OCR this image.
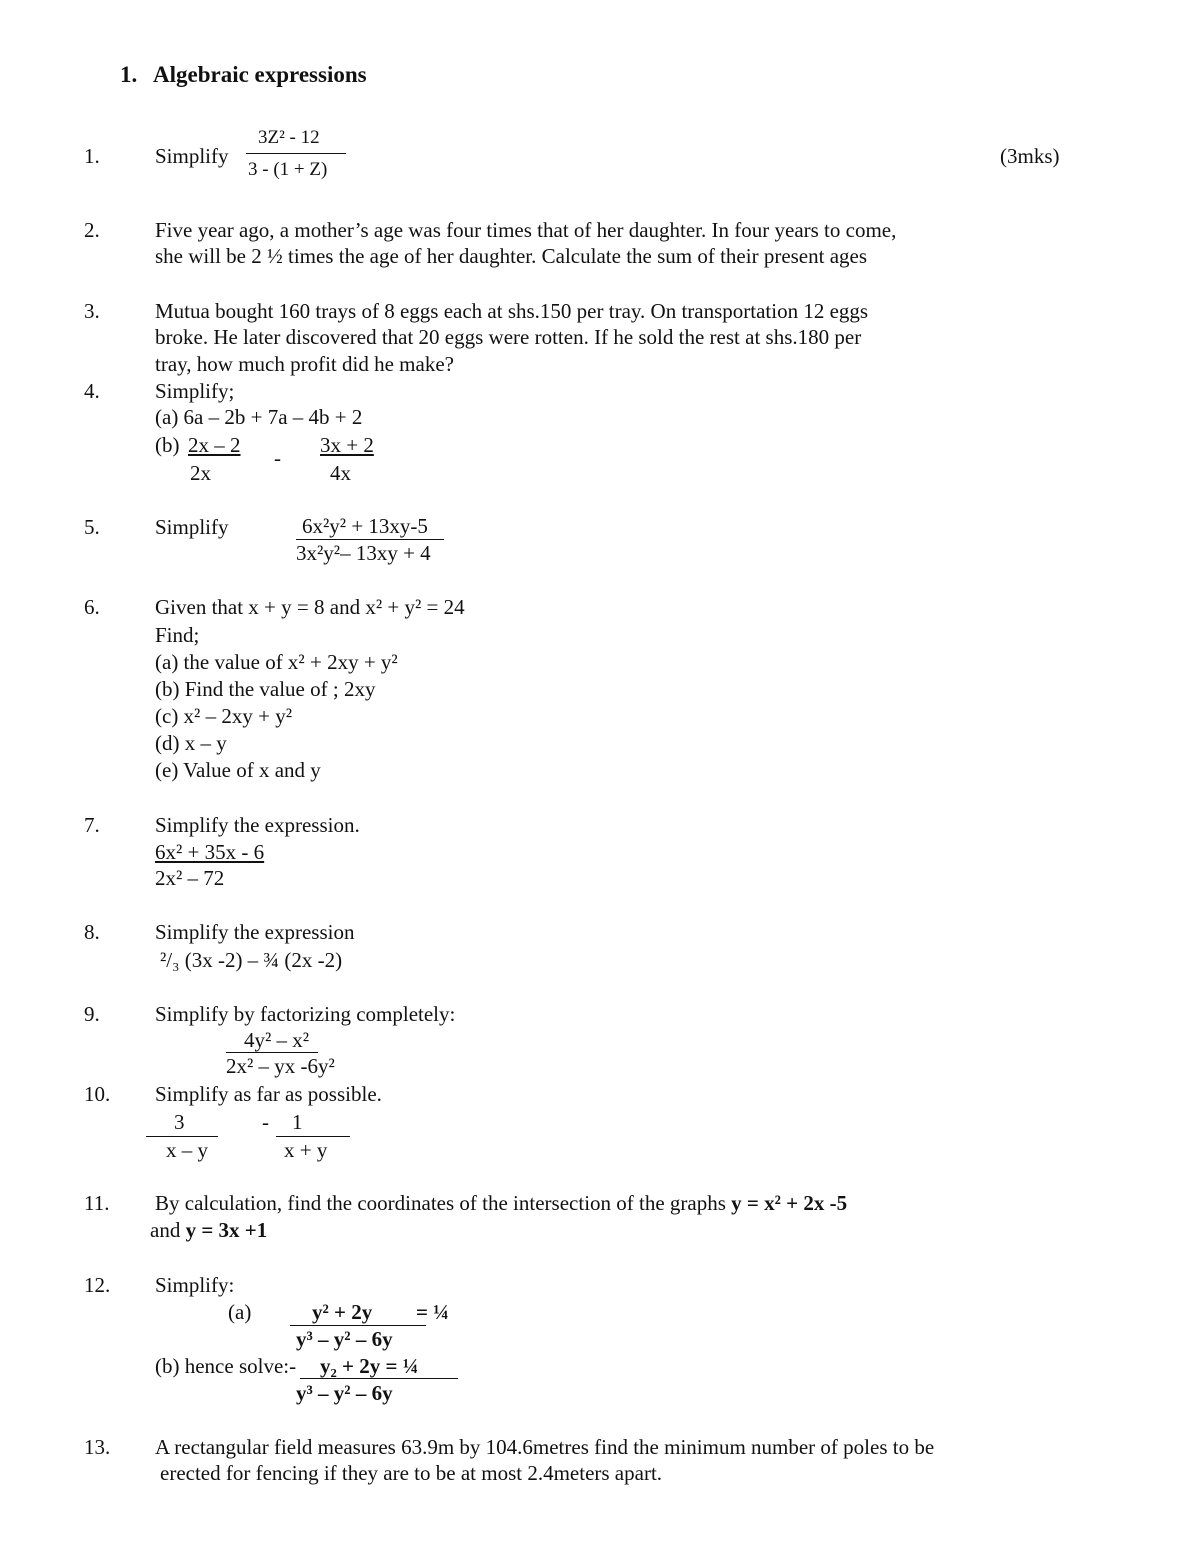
1. Algebraic expressions
1.	Simplify
3Z² - 12
3 - (1 + Z)
(3mks)
2.	Five year ago, a mother’s age was four times that of her daughter. In four years to come,
she will be 2 ½ times the age of her daughter. Calculate the sum of their present ages
3.	Mutua bought 160 trays of 8 eggs each at shs.150 per tray. On transportation 12 eggs
broke. He later discovered that 20 eggs were rotten. If he sold the rest at shs.180 per
tray, how much profit did he make?
4.	Simplify;
(a) 6a – 2b + 7a – 4b + 2
(b) 2x – 2
2x
-
3x + 2
4x
5.	Simplify	6x²y² + 13xy-5
3x²y²– 13xy + 4
6.	Given that x + y = 8 and x² + y² = 24
Find;
(a) the value of x² + 2xy + y²
(b) Find the value of ; 2xy
(c) x² – 2xy + y²
(d) x – y
(e) Value of x and y
7.	Simplify the expression.
6x² + 35x - 6
2x² – 72
8.	Simplify the expression
²/₃ (3x -2) – ¾ (2x -2)
9.	Simplify by factorizing completely:
4y² – x²
2x² – yx -6y²
10. Simplify as far as possible.
3
x – y
- 1
x + y
11. By calculation, find the coordinates of the intersection of the graphs y = x² + 2x -5
and y = 3x +1
12. Simplify:
(a)	y² + 2y = ¼
y³ – y² – 6y
(b) hence solve:- y₂ + 2y = ¼
y³ – y² – 6y
13. A rectangular field measures 63.9m by 104.6metres find the minimum number of poles to be
erected for fencing if they are to be at most 2.4meters apart.
